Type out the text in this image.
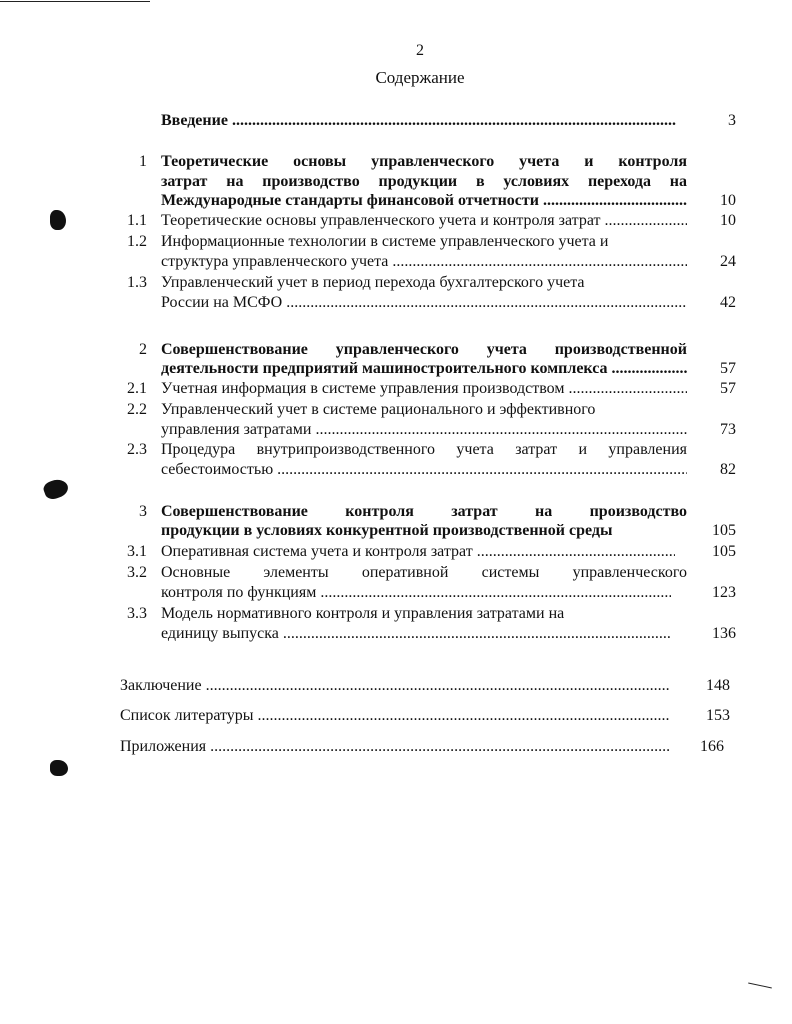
2
Содержание
Введение .....	3
1 Теоретические основы управленческого учета и контроля
затрат на производство продукции в условиях перехода на
Международные стандарты финансовой отчетности .....	10
1.1 Теоретические основы управленческого учета и контроля затрат .....	10
1.2 Информационные технологии в системе управленческого учета и
структура управленческого учета .....	24
1.3 Управленческий учет в период перехода бухгалтерского учета
России на МСФО .....	42
2 Совершенствование управленческого учета производственной
деятельности предприятий машиностроительного комплекса .....	57
2.1 Учетная информация в системе управления производством .....	57
2.2 Управленческий учет в системе рационального и эффективного
управления затратами .....	73
2.3 Процедура внутрипроизводственного учета затрат и управления
себестоимостью .....	82
3 Совершенствование контроля затрат на производство
продукции в условиях конкурентной производственной среды	105
3.1 Оперативная система учета и контроля затрат .....	105
3.2 Основные элементы оперативной системы управленческого
контроля по функциям .....	123
3.3 Модель нормативного контроля и управления затратами на
единицу выпуска .....	136
Заключение .....	148
Список литературы .....	153
Приложения .....	166
